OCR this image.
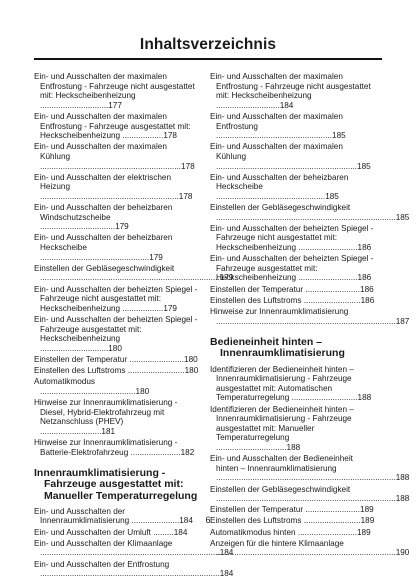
Inhaltsverzeichnis
Ein- und Ausschalten der maximalen Entfrostung - Fahrzeuge nicht ausgestattet mit: Heckscheibenheizung ..............................177
Ein- und Ausschalten der maximalen Entfrostung - Fahrzeuge ausgestattet mit: Heckscheibenheizung ..................178
Ein- und Ausschalten der maximalen Kühlung ..............................................................178
Ein- und Ausschalten der elektrischen Heizung .............................................................178
Ein- und Ausschalten der beheizbaren Windschutzscheibe .................................179
Ein- und Ausschalten der beheizbaren Heckscheibe ................................................179
Einstellen der Gebläsegeschwindigkeit ...............................................................................179
Ein- und Ausschalten der beheizten Spiegel - Fahrzeuge nicht ausgestattet mit: Heckscheibenheizung ..................179
Ein- und Ausschalten der beheizten Spiegel - Fahrzeuge ausgestattet mit: Heckscheibenheizung ..............................180
Einstellen der Temperatur ........................180
Einstellen des Luftstroms .........................180
Automatikmodus ..........................................180
Hinweise zur Innenraumklimatisierung - Diesel, Hybrid-Elektrofahrzeug mit Netzanschluss (PHEV) ...........................181
Hinweise zur Innenraumklimatisierung - Batterie-Elektrofahrzeug ......................182
Innenraumklimatisierung - Fahrzeuge ausgestattet mit: Manueller Temperaturregelung
Ein- und Ausschalten der Innenraumklimatisierung .....................184
Ein- und Ausschalten der Umluft .........184
Ein- und Ausschalten der Klimaanlage ...............................................................................184
Ein- und Ausschalten der Entfrostung ...............................................................................184
Ein- und Ausschalten der maximalen Entfrostung - Fahrzeuge nicht ausgestattet mit: Heckscheibenheizung ............................184
Ein- und Ausschalten der maximalen Entfrostung ...................................................185
Ein- und Ausschalten der maximalen Kühlung ..............................................................185
Ein- und Ausschalten der beheizbaren Heckscheibe ................................................185
Einstellen der Gebläsegeschwindigkeit ...............................................................................185
Ein- und Ausschalten der beheizten Spiegel - Fahrzeuge nicht ausgestattet mit: Heckscheibenheizung ..........................186
Ein- und Ausschalten der beheizten Spiegel - Fahrzeuge ausgestattet mit: Heckscheibenheizung ..........................186
Einstellen der Temperatur ........................186
Einstellen des Luftstroms .........................186
Hinweise zur Innenraumklimatisierung ...............................................................................187
Bedieneinheit hinten – Innenraumklimatisierung
Identifizieren der Bedieneinheit hinten – Innenraumklimatisierung - Fahrzeuge ausgestattet mit: Automatischen Temperaturregelung .............................188
Identifizieren der Bedieneinheit hinten – Innenraumklimatisierung - Fahrzeuge ausgestattet mit: Manueller Temperaturregelung ...............................188
Ein- und Ausschalten der Bedieneinheit hinten – Innenraumklimatisierung ...............................................................................188
Einstellen der Gebläsegeschwindigkeit ...............................................................................188
Einstellen der Temperatur ........................189
Einstellen des Luftstroms .........................189
Automatikmodus hinten ..........................189
Anzeigen für die hintere Klimaanlage ...............................................................................190
6
